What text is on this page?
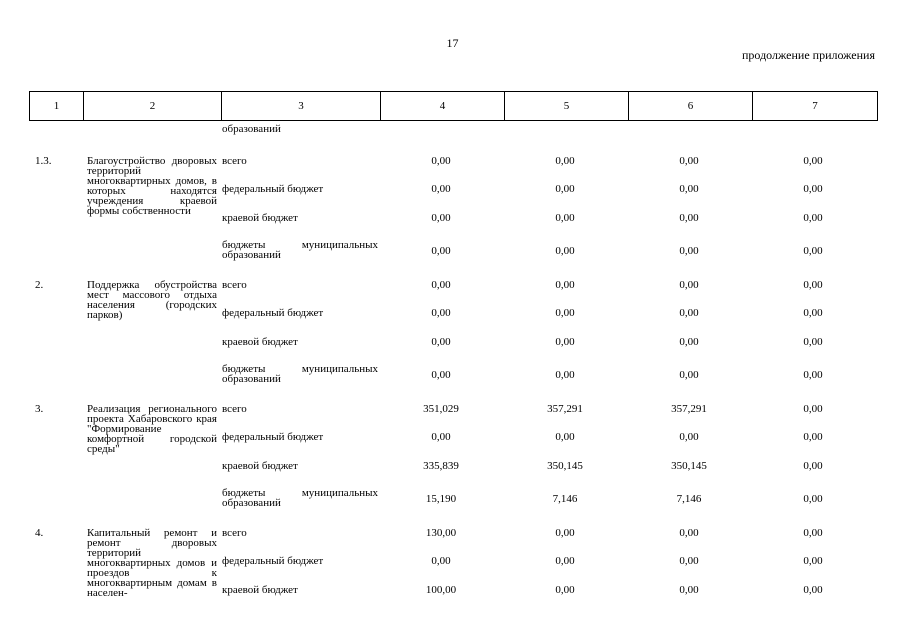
17
продолжение приложения
1	2	3	4	5	6	7
образований
1.3.	Благоустройство дворовых территорий многоквартирных домов, в которых находятся учреждения краевой формы собственности
всего	0,00	0,00	0,00	0,00
федеральный бюджет	0,00	0,00	0,00	0,00
краевой бюджет	0,00	0,00	0,00	0,00
бюджеты муниципальных образований	0,00	0,00	0,00	0,00
2.	Поддержка обустройства мест массового отдыха населения (городских парков)
всего	0,00	0,00	0,00	0,00
федеральный бюджет	0,00	0,00	0,00	0,00
краевой бюджет	0,00	0,00	0,00	0,00
бюджеты муниципальных образований	0,00	0,00	0,00	0,00
3.	Реализация регионального проекта Хабаровского края "Формирование комфортной городской среды"
всего	351,029	357,291	357,291	0,00
федеральный бюджет	0,00	0,00	0,00	0,00
краевой бюджет	335,839	350,145	350,145	0,00
бюджеты муниципальных образований	15,190	7,146	7,146	0,00
4.	Капитальный ремонт и ремонт дворовых территорий многоквартирных домов и проездов к многоквартирным домам в населен-
всего	130,00	0,00	0,00	0,00
федеральный бюджет	0,00	0,00	0,00	0,00
краевой бюджет	100,00	0,00	0,00	0,00
